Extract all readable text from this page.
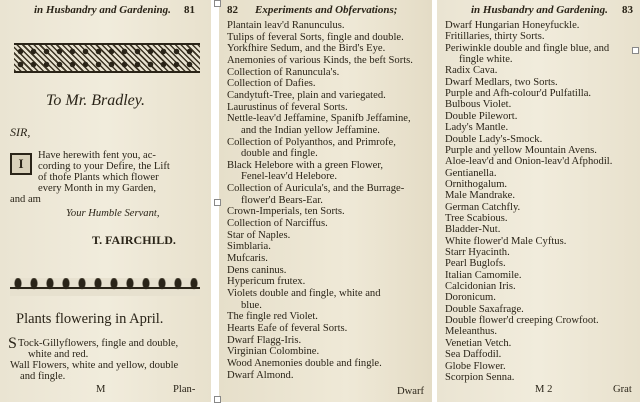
in Husbandry and Gardening. 81
To Mr. Bradley.
SIR,
I
Have herewith fent you, ac-
cording to your Defire, the Lift
of thofe Plants which flower
every Month in my Garden,
and am
Your Humble Servant,
T. FAIRCHILD.
Plants flowering in April.
S Tock-Gillyflowers, fingle and double,
white and red.
Wall Flowers, white and yellow, double
and fingle.
M	Plan-
82 Experiments and Obfervations;
Plantain leav'd Ranunculus.
Tulips of feveral Sorts, fingle and double.
Yorkfhire Sedum, and the Bird's Eye.
Anemonies of various Kinds, the beft Sorts.
Collection of Ranuncula's.
Collection of Dafies.
Candytuft-Tree, plain and variegated.
Laurustinus of feveral Sorts.
Nettle-leav'd Jeffamine, Spanifb Jeffamine,
and the Indian yellow Jeffamine.
Collection of Polyanthos, and Primrofe,
double and fingle.
Black Helebore with a green Flower,
Fenel-leav'd Helebore.
Collection of Auricula's, and the Burrage-
flower'd Bears-Ear.
Crown-Imperials, ten Sorts.
Collection of Narciffus.
Star of Naples.
Simblaria.
Mufcaris.
Dens caninus.
Hypericum frutex.
Violets double and fingle, white and
blue.
The fingle red Violet.
Hearts Eafe of feveral Sorts.
Dwarf Flagg-Iris.
Virginian Colombine.
Wood Anemonies double and fingle.
Dwarf Almond.
Dwarf
in Husbandry and Gardening. 83
Dwarf Hungarian Honeyfuckle.
Fritillaries, thirty Sorts.
Periwinkle double and fingle blue, and
fingle white.
Radix Cava.
Dwarf Medlars, two Sorts.
Purple and Afh-colour'd Pulfatilla.
Bulbous Violet.
Double Pilewort.
Lady's Mantle.
Double Lady's-Smock.
Purple and yellow Mountain Avens.
Aloe-leav'd and Onion-leav'd Afphodil.
Gentianella.
Ornithogalum.
Male Mandrake.
German Catchfly.
Tree Scabious.
Bladder-Nut.
White flower'd Male Cyftus.
Starr Hyacinth.
Pearl Buglofs.
Italian Camomile.
Calcidonian Iris.
Doronicum.
Double Saxafrage.
Double flower'd creeping Crowfoot.
Meleanthus.
Venetian Vetch.
Sea Daffodil.
Globe Flower.
Scorpion Senna.
M 2	Grat
